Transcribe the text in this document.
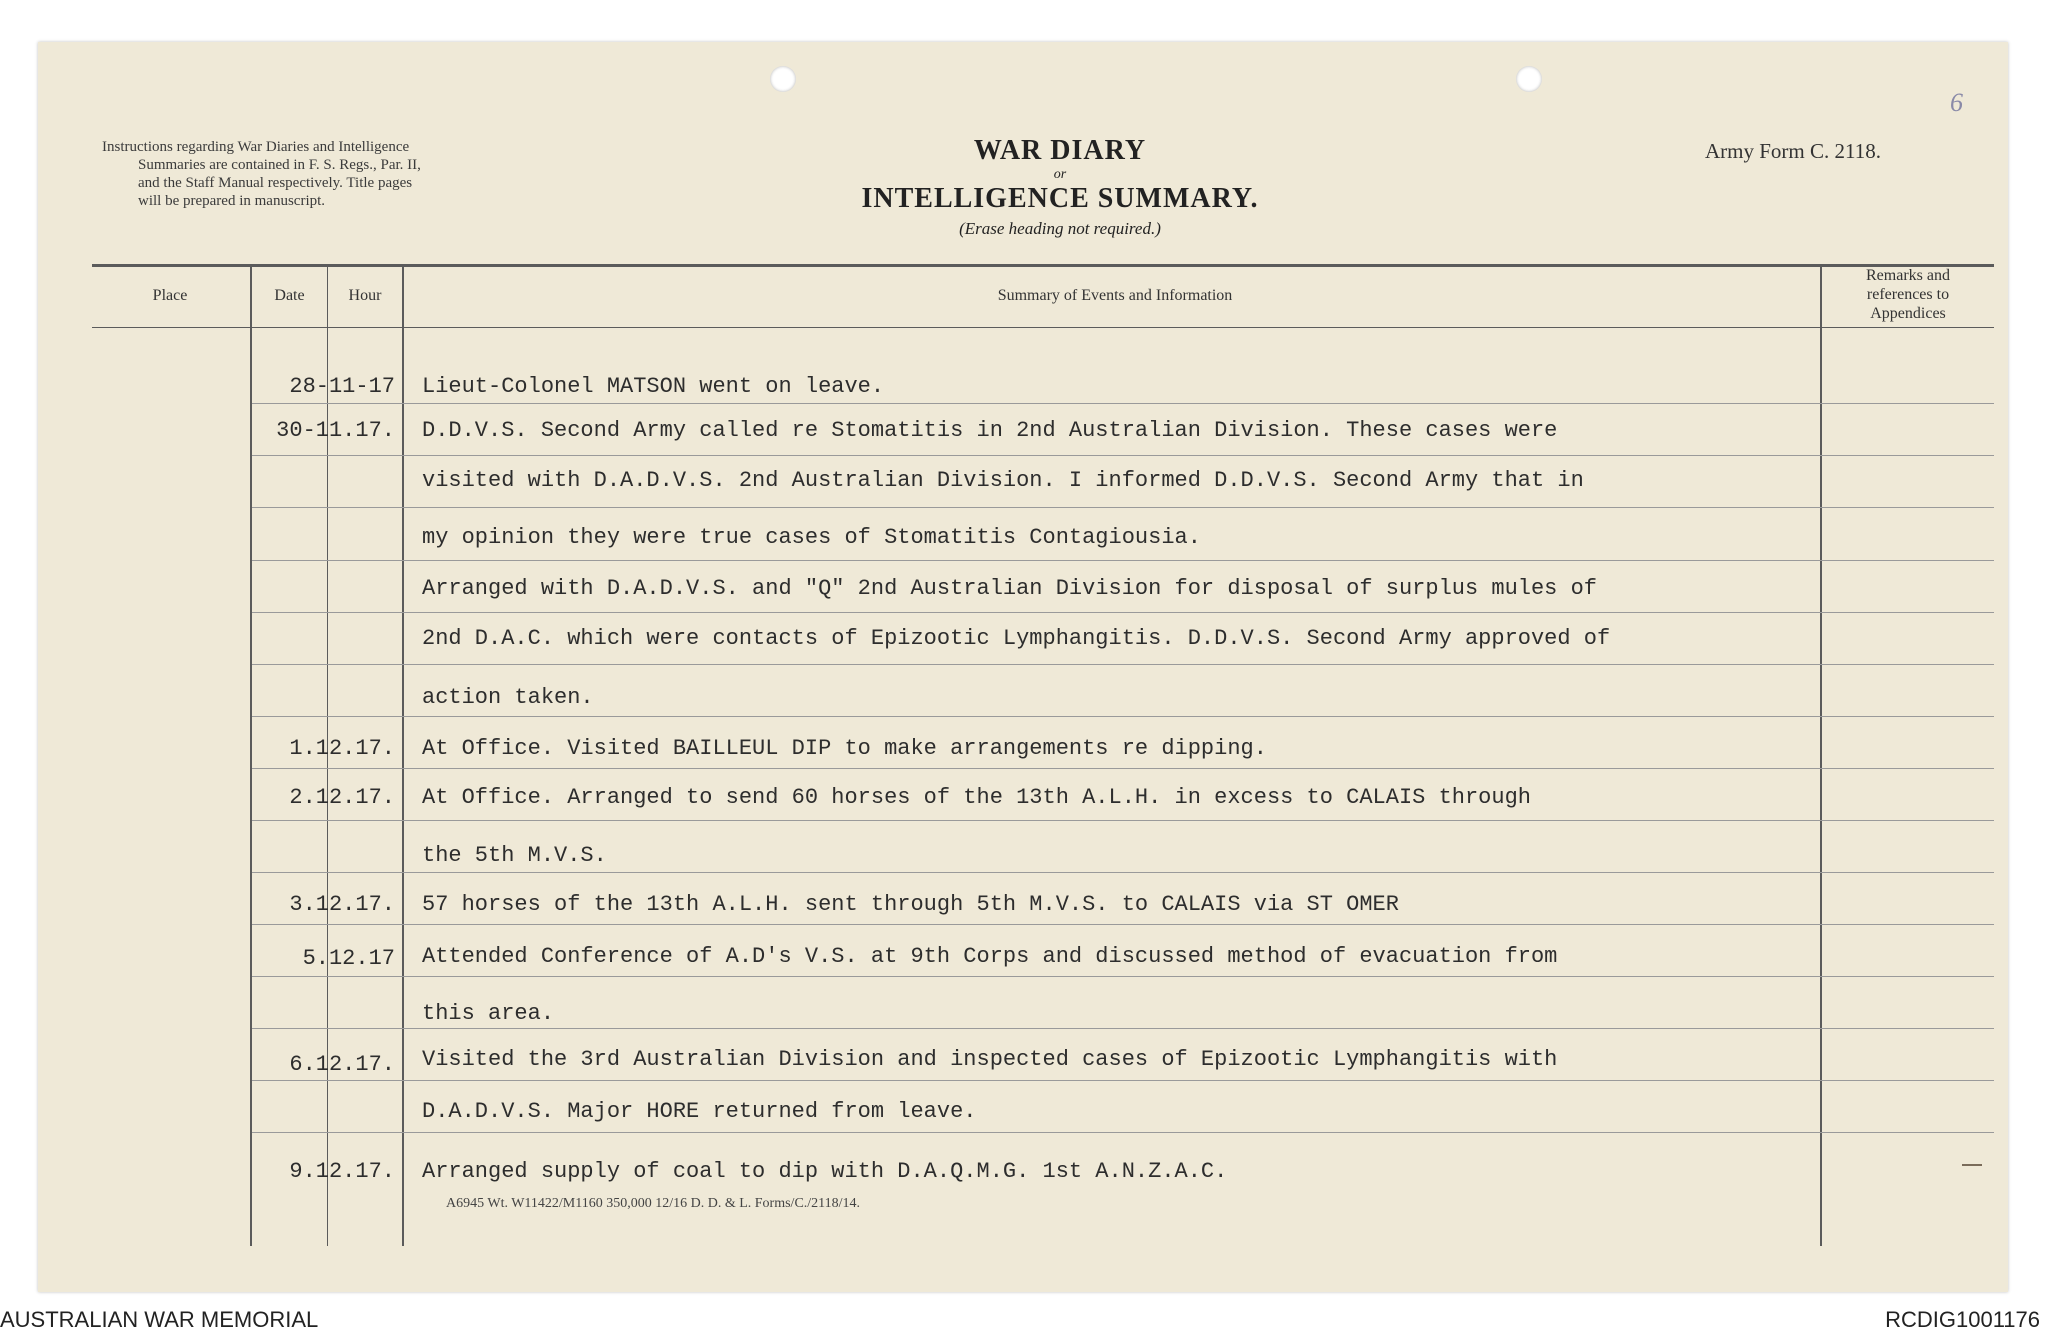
6
Instructions regarding War Diaries and Intelligence
Summaries are contained in F. S. Regs., Par. II,
and the Staff Manual respectively. Title pages
will be prepared in manuscript.
WAR DIARY
or
INTELLIGENCE SUMMARY.
(Erase heading not required.)
Army Form C. 2118.
Place	Date	Hour	Summary of Events and Information
Remarks and
references to
Appendices
28-11-17 Lieut-Colonel MATSON went on leave.
30-11.17. D.D.V.S. Second Army called re Stomatitis in 2nd Australian Division. These cases were
visited with D.A.D.V.S. 2nd Australian Division. I informed D.D.V.S. Second Army that in
my opinion they were true cases of Stomatitis Contagiousia.
Arranged with D.A.D.V.S. and "Q" 2nd Australian Division for disposal of surplus mules of
2nd D.A.C. which were contacts of Epizootic Lymphangitis. D.D.V.S. Second Army approved of
action taken.
1.12.17. At Office. Visited BAILLEUL DIP to make arrangements re dipping.
2.12.17. At Office. Arranged to send 60 horses of the 13th A.L.H. in excess to CALAIS through
the 5th M.V.S.
3.12.17. 57 horses of the 13th A.L.H. sent through 5th M.V.S. to CALAIS via ST OMER
5.12.17 Attended Conference of A.D's V.S. at 9th Corps and discussed method of evacuation from
this area.
6.12.17. Visited the 3rd Australian Division and inspected cases of Epizootic Lymphangitis with
D.A.D.V.S. Major HORE returned from leave.
9.12.17. Arranged supply of coal to dip with D.A.Q.M.G. 1st A.N.Z.A.C.
A6945 Wt. W11422/M1160 350,000 12/16 D. D. & L. Forms/C./2118/14.
AUSTRALIAN WAR MEMORIAL	RCDIG1001176
